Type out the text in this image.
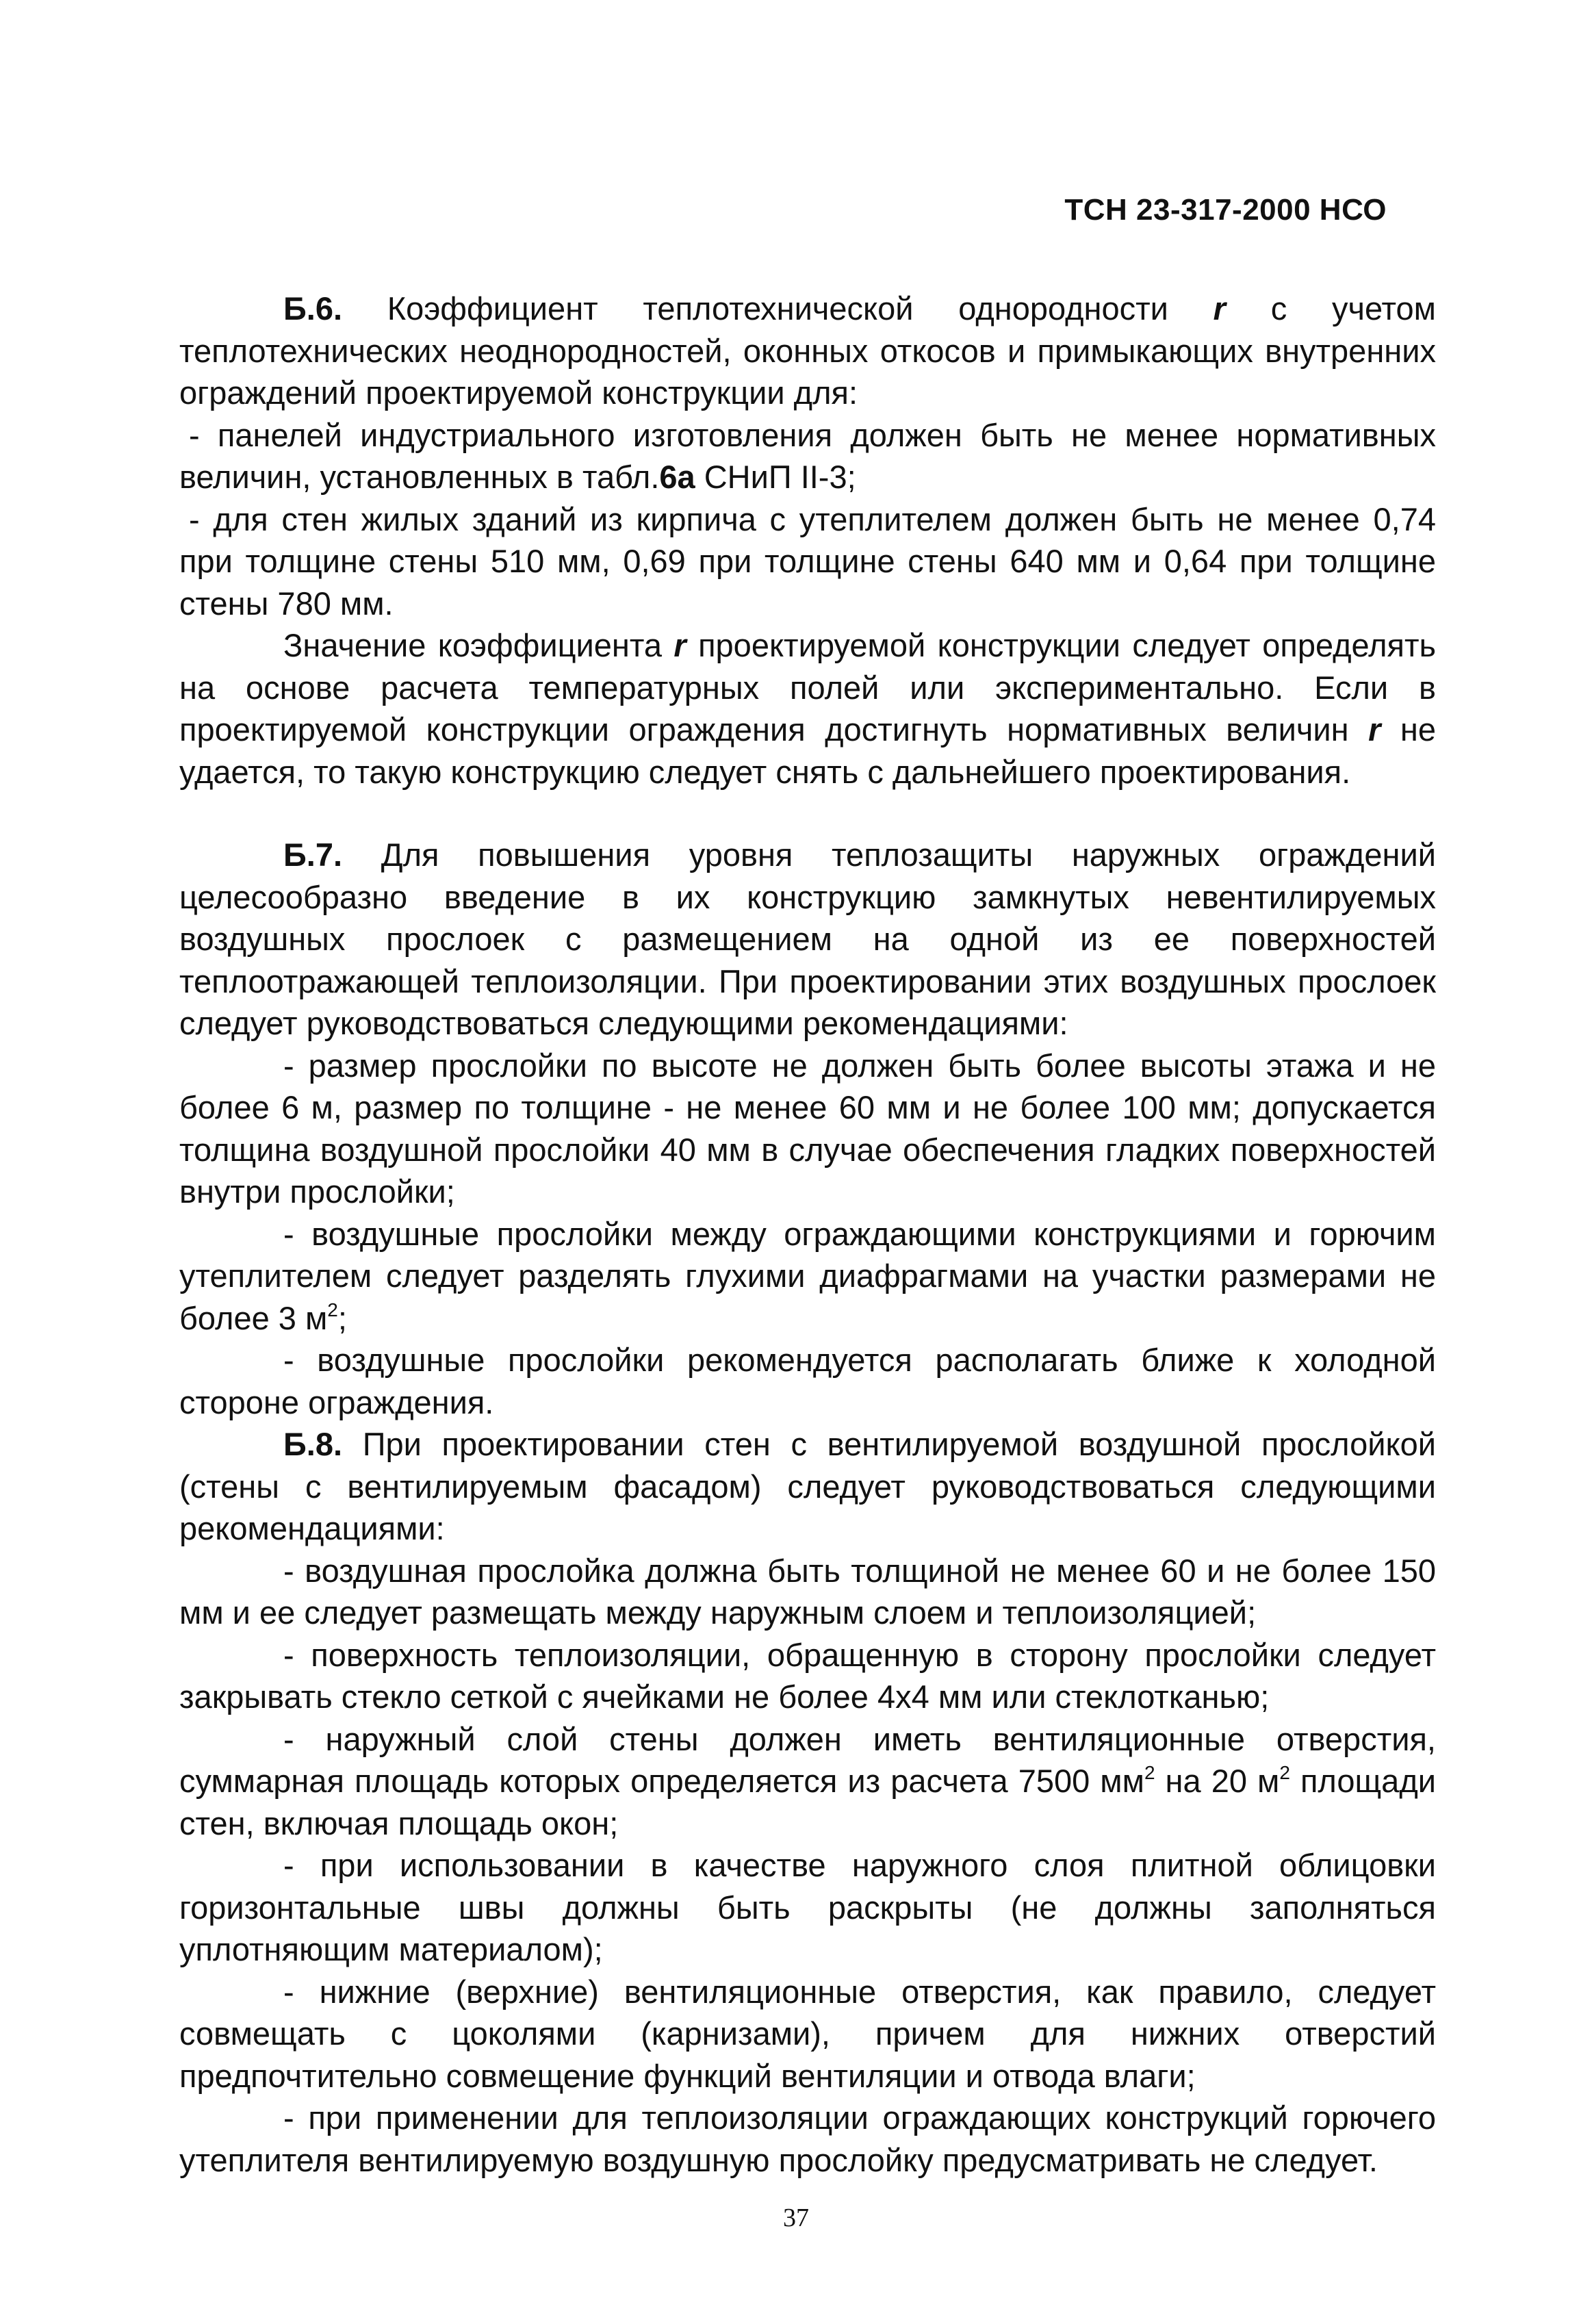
ТСН 23-317-2000 НСО

Б.6. Коэффициент теплотехнической однородности r с учетом теплотехнических неоднородностей, оконных откосов и примыкающих внутренних ограждений проектируемой конструкции для:

- панелей индустриального изготовления должен быть не менее нормативных величин, установленных в табл.6а СНиП II-3;

- для стен жилых зданий из кирпича с утеплителем должен быть не менее 0,74 при толщине стены 510 мм, 0,69 при толщине стены 640 мм и 0,64 при толщине стены 780 мм.

Значение коэффициента r проектируемой конструкции следует определять на основе расчета температурных полей или экспериментально. Если в проектируемой конструкции ограждения достигнуть нормативных величин r не удается, то такую конструкцию следует снять с дальнейшего проектирования.

Б.7. Для повышения уровня теплозащиты наружных ограждений целесообразно введение в их конструкцию замкнутых невентилируемых воздушных прослоек с размещением на одной из ее поверхностей теплоотражающей теплоизоляции. При проектировании этих воздушных прослоек следует руководствоваться следующими рекомендациями:

- размер прослойки по высоте не должен быть более высоты этажа и не более 6 м, размер по толщине - не менее 60 мм и не более 100 мм; допускается толщина воздушной прослойки 40 мм в случае обеспечения гладких поверхностей внутри прослойки;

- воздушные прослойки между ограждающими конструкциями и горючим утеплителем следует разделять глухими диафрагмами на участки размерами не более 3 $м^2$;

- воздушные прослойки рекомендуется располагать ближе к холодной стороне ограждения.

Б.8. При проектировании стен с вентилируемой воздушной прослойкой (стены с вентилируемым фасадом) следует руководствоваться следующими рекомендациями:

- воздушная прослойка должна быть толщиной не менее 60 и не более 150 мм и ее следует размещать между наружным слоем и теплоизоляцией;

- поверхность теплоизоляции, обращенную в сторону прослойки следует закрывать стекло сеткой с ячейками не более 4х4 мм или стеклотканью;

- наружный слой стены должен иметь вентиляционные отверстия, суммарная площадь которых определяется из расчета 7500 $мм^2$ на 20 $м^2$ площади стен, включая площадь окон;

- при использовании в качестве наружного слоя плитной облицовки горизонтальные швы должны быть раскрыты (не должны заполняться уплотняющим материалом);

- нижние (верхние) вентиляционные отверстия, как правило, следует совмещать с цоколями (карнизами), причем для нижних отверстий предпочтительно совмещение функций вентиляции и отвода влаги;

- при применении для теплоизоляции ограждающих конструкций горючего утеплителя вентилируемую воздушную прослойку предусматривать не следует.

37
